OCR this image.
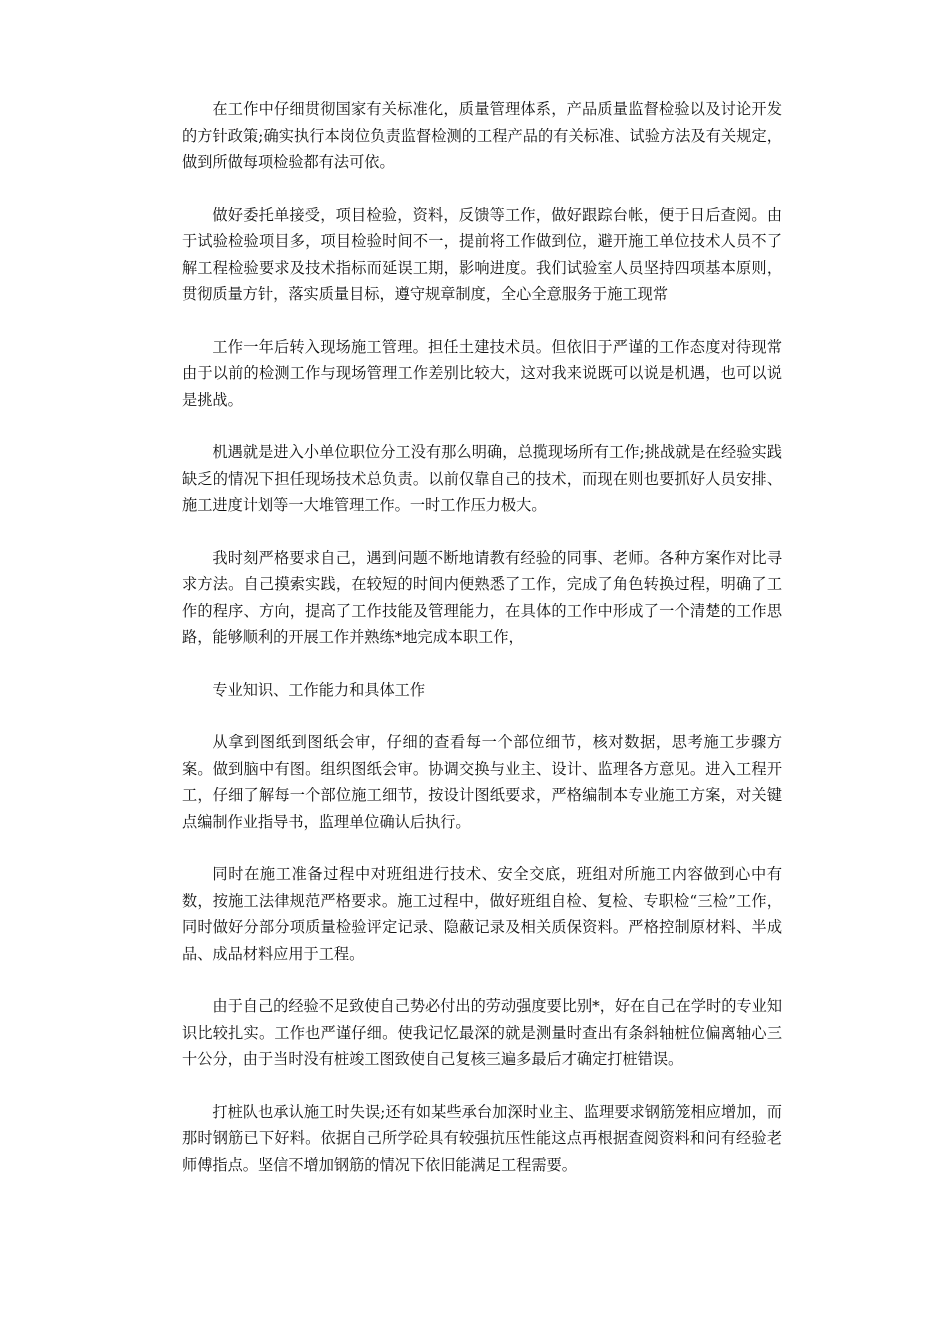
在工作中仔细贯彻国家有关标准化，质量管理体系，产品质量监督检验以及讨论开发的方针政策;确实执行本岗位负责监督检测的工程产品的有关标准、试验方法及有关规定，做到所做每项检验都有法可依。

做好委托单接受，项目检验，资料，反馈等工作，做好跟踪台帐，便于日后查阅。由于试验检验项目多，项目检验时间不一，提前将工作做到位，避开施工单位技术人员不了解工程检验要求及技术指标而延误工期，影响进度。我们试验室人员坚持四项基本原则，贯彻质量方针，落实质量目标，遵守规章制度，全心全意服务于施工现常

工作一年后转入现场施工管理。担任土建技术员。但依旧于严谨的工作态度对待现常由于以前的检测工作与现场管理工作差别比较大，这对我来说既可以说是机遇，也可以说是挑战。

机遇就是进入小单位职位分工没有那么明确，总揽现场所有工作;挑战就是在经验实践缺乏的情况下担任现场技术总负责。以前仅靠自己的技术，而现在则也要抓好人员安排、施工进度计划等一大堆管理工作。一时工作压力极大。

我时刻严格要求自己，遇到问题不断地请教有经验的同事、老师。各种方案作对比寻求方法。自己摸索实践，在较短的时间内便熟悉了工作，完成了角色转换过程，明确了工作的程序、方向，提高了工作技能及管理能力，在具体的工作中形成了一个清楚的工作思路，能够顺利的开展工作并熟练*地完成本职工作，

专业知识、工作能力和具体工作

从拿到图纸到图纸会审，仔细的查看每一个部位细节，核对数据，思考施工步骤方案。做到脑中有图。组织图纸会审。协调交换与业主、设计、监理各方意见。进入工程开工，仔细了解每一个部位施工细节，按设计图纸要求，严格编制本专业施工方案，对关键点编制作业指导书，监理单位确认后执行。

同时在施工准备过程中对班组进行技术、安全交底，班组对所施工内容做到心中有数，按施工法律规范严格要求。施工过程中，做好班组自检、复检、专职检“三检”工作，同时做好分部分项质量检验评定记录、隐蔽记录及相关质保资料。严格控制原材料、半成品、成品材料应用于工程。

由于自己的经验不足致使自己势必付出的劳动强度要比别*，好在自己在学时的专业知识比较扎实。工作也严谨仔细。使我记忆最深的就是测量时查出有条斜轴桩位偏离轴心三十公分，由于当时没有桩竣工图致使自己复核三遍多最后才确定打桩错误。

打桩队也承认施工时失误;还有如某些承台加深时业主、监理要求钢筋笼相应增加，而那时钢筋已下好料。依据自己所学砼具有较强抗压性能这点再根据查阅资料和问有经验老师傅指点。坚信不增加钢筋的情况下依旧能满足工程需要。
